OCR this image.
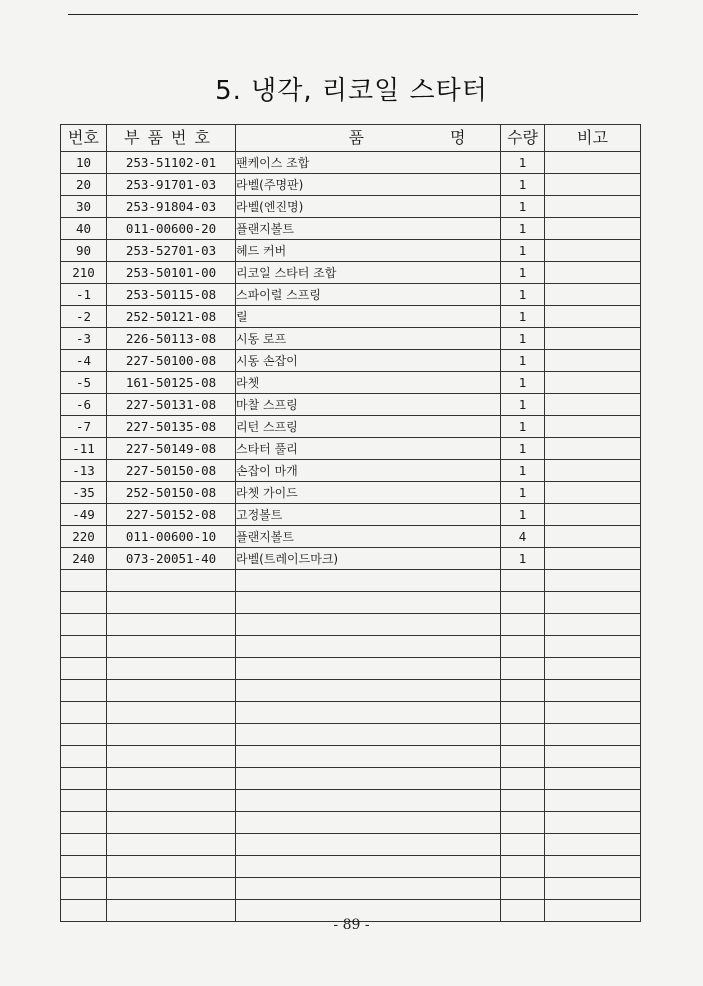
5. 냉각, 리코일 스타터
번호	부품번호	품 명	수량	비고
10	253-51102-01	팬케이스 조합	1	
20	253-91701-03	라벨(주명판)	1	
30	253-91804-03	라벨(엔진명)	1	
40	011-00600-20	플랜지볼트	1	
90	253-52701-03	헤드 커버	1	
210	253-50101-00	리코일 스타터 조합	1	
-1	253-50115-08	스파이럴 스프링	1	
-2	252-50121-08	릴	1	
-3	226-50113-08	시동 로프	1	
-4	227-50100-08	시동 손잡이	1	
-5	161-50125-08	라쳇	1	
-6	227-50131-08	마찰 스프링	1	
-7	227-50135-08	리턴 스프링	1	
-11	227-50149-08	스타터 풀리	1	
-13	227-50150-08	손잡이 마개	1	
-35	252-50150-08	라쳇 가이드	1	
-49	227-50152-08	고정볼트	1	
220	011-00600-10	플랜지볼트	4	
240	073-20051-40	라벨(트레이드마크)	1	

- 89 -
